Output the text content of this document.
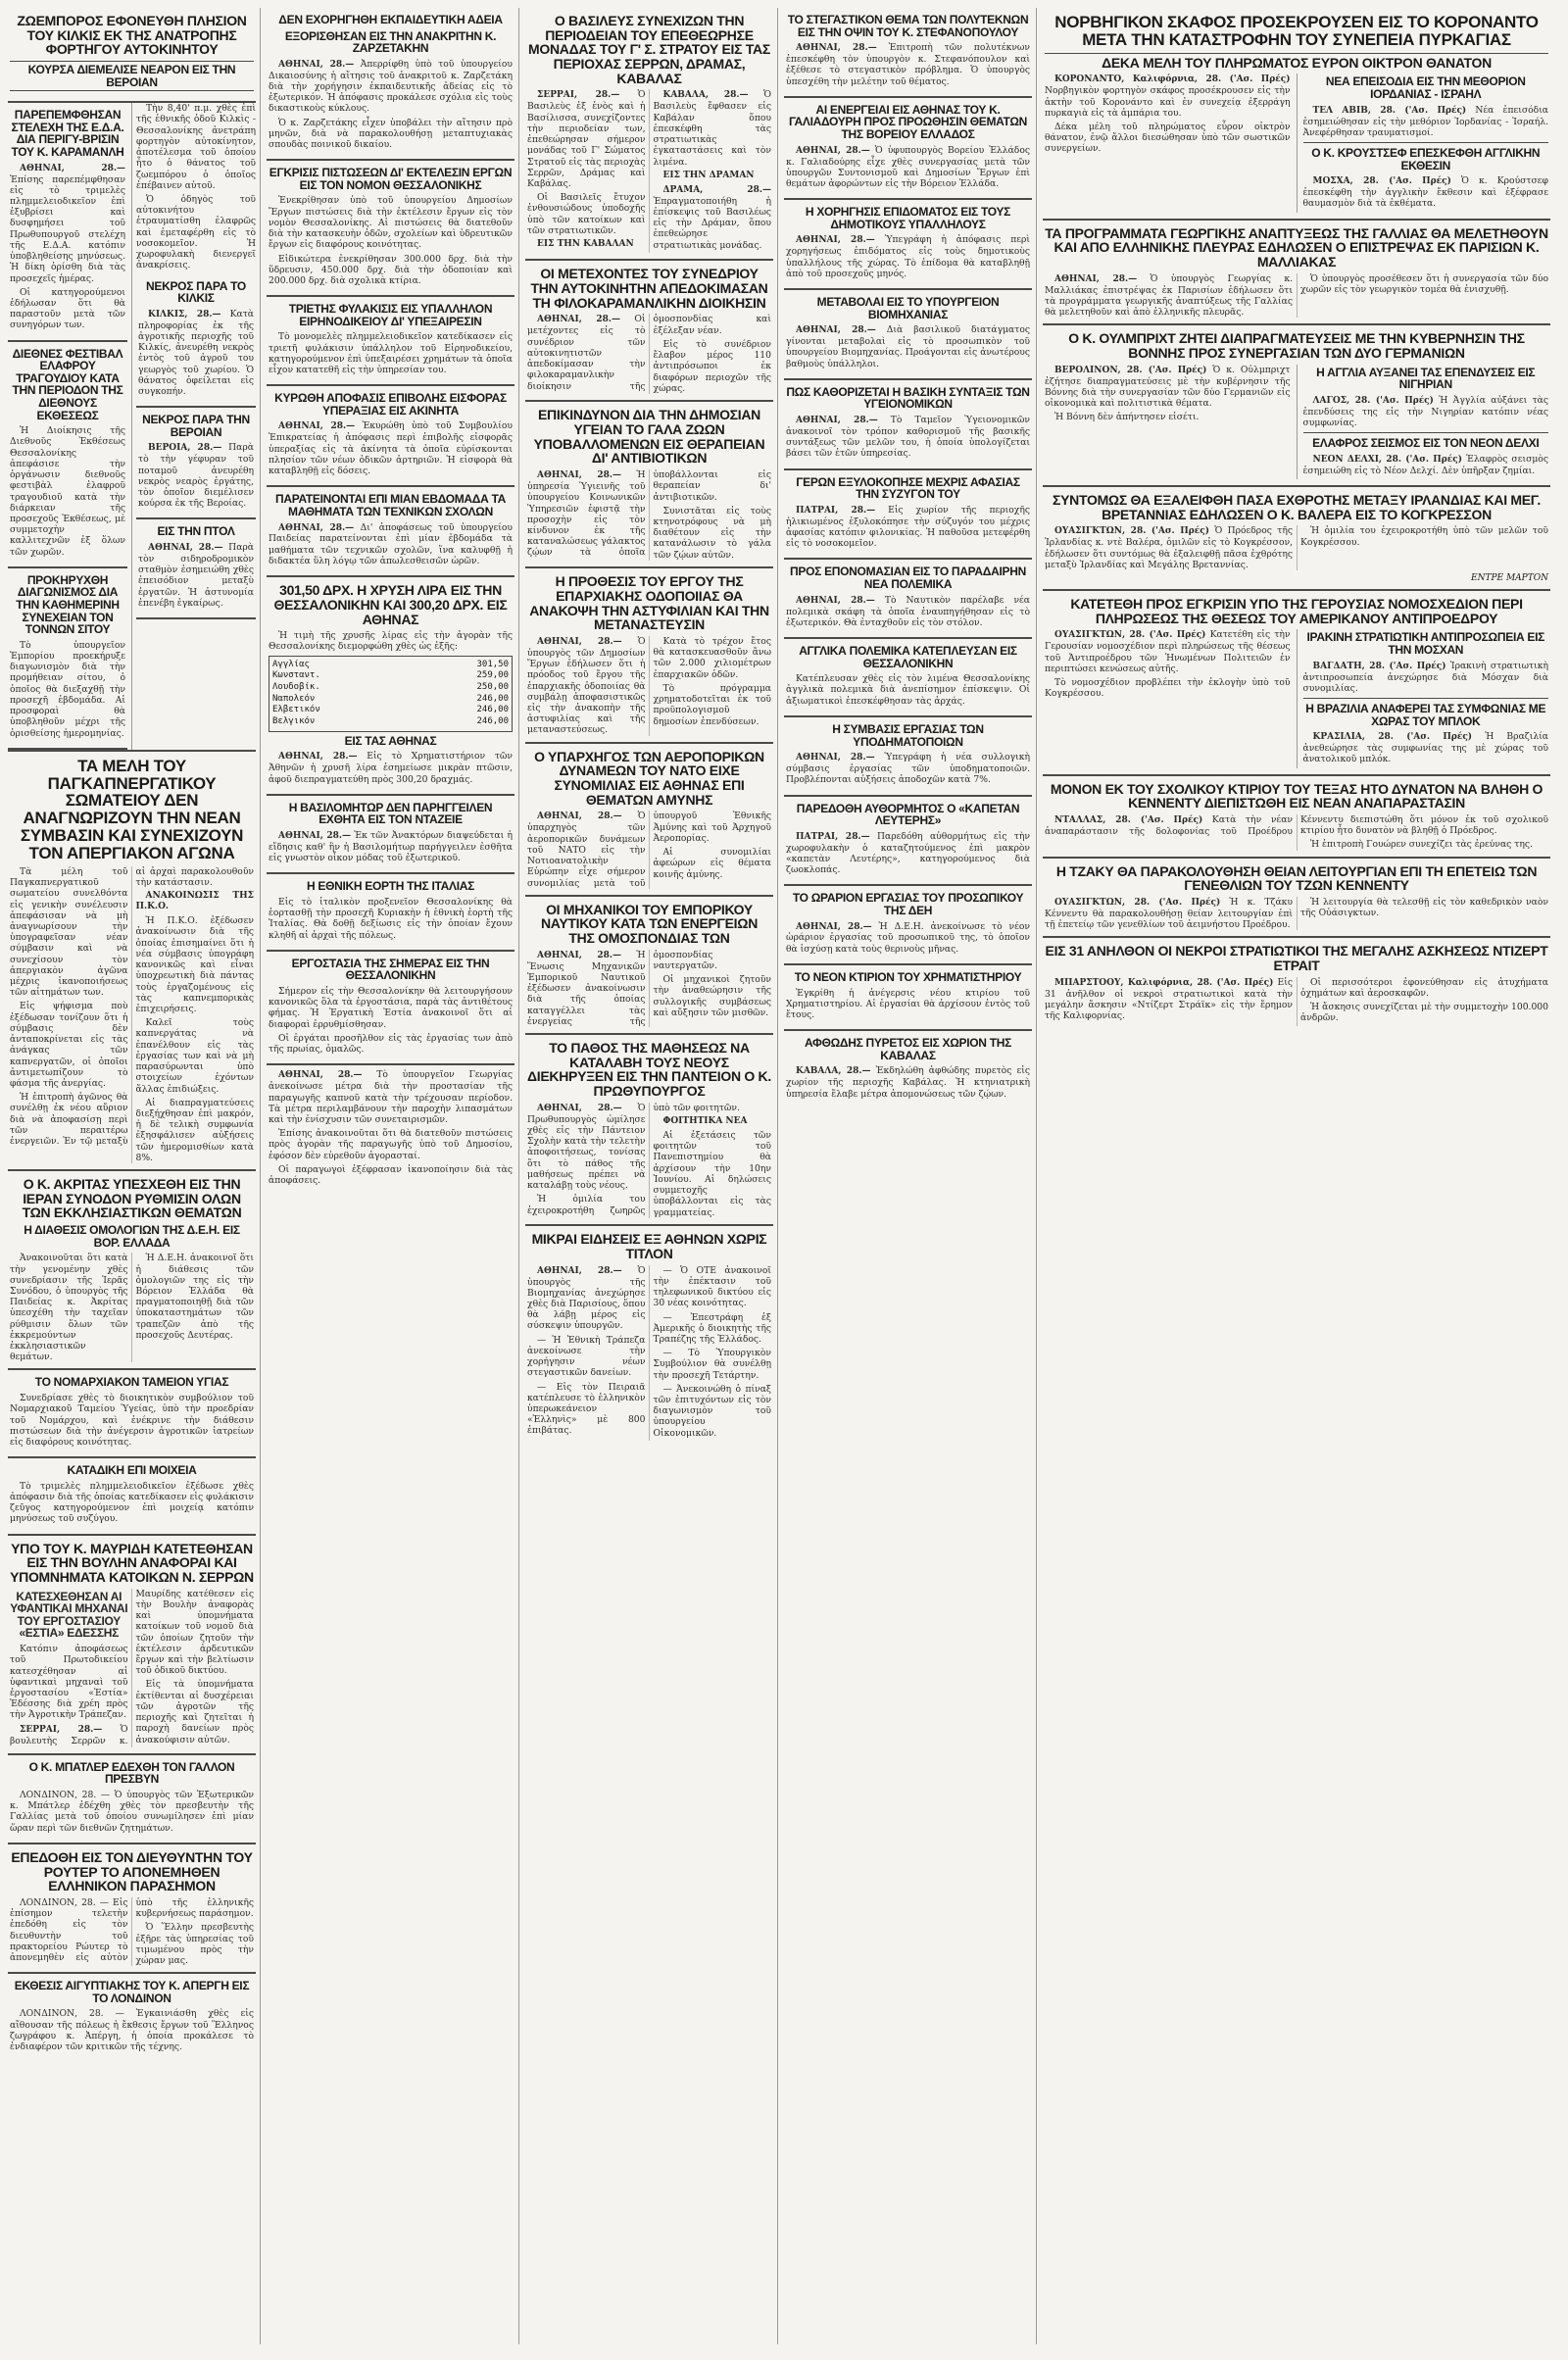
ΖΩΕΜΠΟΡΟΣ ΕΦΟΝΕΥΘΗ ΠΛΗΣΙΟΝ ΤΟΥ ΚΙΛΚΙΣ ΕΚ ΤΗΣ ΑΝΑΤΡΟΠΗΣ ΦΟΡΤΗΓΟΥ ΑΥΤΟΚΙΝΗΤΟΥ
ΚΟΥΡΣΑ ΔΙΕΜΕΛΙΣΕ ΝΕΑΡΟΝ ΕΙΣ ΤΗΝ ΒΕΡΟΙΑΝ
ΠΑΡΕΠΕΜΦΘΗΣΑΝ ΣΤΕΛΕΧΗ ΤΗΣ Ε.Δ.Α. ΔΙΑ ΠΕΡΙΓΥ-ΒΡΙΣΙΝ ΤΟΥ Κ. ΚΑΡΑΜΑΝΛΗ

ΑΘΗΝΑΙ, 28.— Ἐπίσης παρεπέμφθησαν εἰς τὸ τριμελὲς πλημμελειοδικεῖον ἐπὶ ἐξυβρίσει καὶ δυσφημήσει τοῦ Πρωθυπουργοῦ στελέχη τῆς Ε.Δ.Α. κατόπιν ὑποβληθείσης μηνύσεως. Ἡ δίκη ὁρίσθη διὰ τὰς προσεχεῖς ἡμέρας.

Οἱ κατηγορούμενοι ἐδήλωσαν ὅτι θὰ παραστοῦν μετὰ τῶν συνηγόρων των.

ΔΙΕΘΝΕΣ ΦΕΣΤΙΒΑΛ ΕΛΑΦΡΟΥ ΤΡΑΓΟΥΔΙΟΥ ΚΑΤΑ ΤΗΝ ΠΕΡΙΟΔΟΝ ΤΗΣ ΔΙΕΘΝΟΥΣ ΕΚΘΕΣΕΩΣ

Ἡ Διοίκησις τῆς Διεθνοῦς Ἐκθέσεως Θεσσαλονίκης ἀπεφάσισε τὴν ὀργάνωσιν διεθνοῦς φεστιβὰλ ἐλαφροῦ τραγουδιοῦ κατὰ τὴν διάρκειαν τῆς προσεχοῦς Ἐκθέσεως, μὲ συμμετοχὴν καλλιτεχνῶν ἐξ ὅλων τῶν χωρῶν.

ΠΡΟΚΗΡΥΧΘΗ ΔΙΑΓΩΝΙΣΜΟΣ ΔΙΑ ΤΗΝ ΚΑΘΗΜΕΡΙΝΗ ΣΥΝΕΧΕΙΑΝ ΤΟΝ ΤΟΝΝΩΝ ΣΙΤΟΥ

Τὸ ὑπουργεῖον Ἐμπορίου προεκήρυξε διαγωνισμὸν διὰ τὴν προμήθειαν σίτου, ὁ ὁποῖος θὰ διεξαχθῇ τὴν προσεχῆ ἑβδομάδα. Αἱ προσφοραὶ θὰ ὑποβληθοῦν μέχρι τῆς ὁρισθείσης ἡμερομηνίας.

Τὴν 8,40' π.μ. χθὲς ἐπὶ τῆς ἐθνικῆς ὁδοῦ Κιλκὶς - Θεσσαλονίκης ἀνετράπη φορτηγὸν αὐτοκίνητον, ἀποτέλεσμα τοῦ ὁποίου ἦτο ὁ θάνατος τοῦ ζωεμπόρου ὁ ὁποῖος ἐπέβαινεν αὐτοῦ.

Ὁ ὁδηγὸς τοῦ αὐτοκινήτου ἐτραυματίσθη ἐλαφρῶς καὶ ἐμεταφέρθη εἰς τὸ νοσοκομεῖον. Ἡ χωροφυλακὴ διενεργεῖ ἀνακρίσεις.

ΝΕΚΡΟΣ ΠΑΡΑ ΤΟ ΚΙΛΚΙΣ

ΚΙΛΚΙΣ, 28.— Κατὰ πληροφορίας ἐκ τῆς ἀγροτικῆς περιοχῆς τοῦ Κιλκίς, ἀνευρέθη νεκρὸς ἐντὸς τοῦ ἀγροῦ του γεωργὸς τοῦ χωρίου. Ὁ θάνατος ὀφείλεται εἰς συγκοπήν.

ΝΕΚΡΟΣ ΠΑΡΑ ΤΗΝ ΒΕΡΟΙΑΝ

ΒΕΡΟΙΑ, 28.— Παρὰ τὸ τὴν γέφυραν τοῦ ποταμοῦ ἀνευρέθη νεκρὸς νεαρὸς ἐργάτης, τὸν ὁποῖον διεμέλισεν κούρσα ἐκ τῆς Βεροίας.

ΕΙΣ ΤΗΝ ΠΤΟΛ

ΑΘΗΝΑΙ, 28.— Παρὰ τὸν σιδηροδρομικὸν σταθμὸν ἐσημειώθη χθὲς ἐπεισόδιον μεταξὺ ἐργατῶν. Ἡ ἀστυνομία ἐπενέβη ἐγκαίρως.

ΤΑ ΜΕΛΗ ΤΟΥ ΠΑΓΚΑΠΝΕΡΓΑΤΙΚΟΥ ΣΩΜΑΤΕΙΟΥ ΔΕΝ ΑΝΑΓΝΩΡΙΖΟΥΝ ΤΗΝ ΝΕΑΝ ΣΥΜΒΑΣΙΝ ΚΑΙ ΣΥΝΕΧΙΖΟΥΝ ΤΟΝ ΑΠΕΡΓΙΑΚΟΝ ΑΓΩΝΑ

Τὰ μέλη τοῦ Παγκαπνεργατικοῦ σωματείου συνελθόντα εἰς γενικὴν συνέλευσιν ἀπεφάσισαν νὰ μὴ ἀναγνωρίσουν τὴν ὑπογραφεῖσαν νέαν σύμβασιν καὶ νὰ συνεχίσουν τὸν ἀπεργιακὸν ἀγῶνα μέχρις ἱκανοποιήσεως τῶν αἰτημάτων των.

Εἰς ψήφισμα ποὺ ἐξέδωσαν τονίζουν ὅτι ἡ σύμβασις δὲν ἀνταποκρίνεται εἰς τὰς ἀνάγκας τῶν καπνεργατῶν, οἱ ὁποῖοι ἀντιμετωπίζουν τὸ φάσμα τῆς ἀνεργίας.

Ἡ ἐπιτροπὴ ἀγῶνος θὰ συνέλθῃ ἐκ νέου αὔριον διὰ νὰ ἀποφασίσῃ περὶ τῶν περαιτέρω ἐνεργειῶν. Ἐν τῷ μεταξὺ αἱ ἀρχαὶ παρακολουθοῦν τὴν κατάστασιν.

ΑΝΑΚΟΙΝΩΣΙΣ ΤΗΣ Π.Κ.Ο.

Ἡ Π.Κ.Ο. ἐξέδωσεν ἀνακοίνωσιν διὰ τῆς ὁποίας ἐπισημαίνει ὅτι ἡ νέα σύμβασις ὑπογράφη κανονικῶς καὶ εἶναι ὑποχρεωτικὴ διὰ πάντας τοὺς ἐργαζομένους εἰς τὰς καπνεμπορικὰς ἐπιχειρήσεις.

Καλεῖ τοὺς καπνεργάτας νὰ ἐπανέλθουν εἰς τὰς ἐργασίας των καὶ νὰ μὴ παρασύρωνται ὑπὸ στοιχείων ἐχόντων ἄλλας ἐπιδιώξεις.

Αἱ διαπραγματεύσεις διεξήχθησαν ἐπὶ μακρόν, ἡ δὲ τελικὴ συμφωνία ἐξησφάλισεν αὐξήσεις τῶν ἡμερομισθίων κατὰ 8%.

Ο Κ. ΑΚΡΙΤΑΣ ΥΠΕΣΧΕΘΗ ΕΙΣ ΤΗΝ ΙΕΡΑΝ ΣΥΝΟΔΟΝ ΡΥΘΜΙΣΙΝ ΟΛΩΝ ΤΩΝ ΕΚΚΛΗΣΙΑΣΤΙΚΩΝ ΘΕΜΑΤΩΝ
Η ΔΙΑΘΕΣΙΣ ΟΜΟΛΟΓΙΩΝ ΤΗΣ Δ.Ε.Η. ΕΙΣ ΒΟΡ. ΕΛΛΑΔΑ

Ἀνακοινοῦται ὅτι κατὰ τὴν γενομένην χθὲς συνεδρίασιν τῆς Ἱερᾶς Συνόδου, ὁ ὑπουργὸς τῆς Παιδείας κ. Ἀκρίτας ὑπεσχέθη τὴν ταχεῖαν ρύθμισιν ὅλων τῶν ἐκκρεμούντων ἐκκλησιαστικῶν θεμάτων.

Ἡ Δ.Ε.Η. ἀνακοινοῖ ὅτι ἡ διάθεσις τῶν ὁμολογιῶν της εἰς τὴν Βόρειον Ἑλλάδα θὰ πραγματοποιηθῇ διὰ τῶν ὑποκαταστημάτων τῶν τραπεζῶν ἀπὸ τῆς προσεχοῦς Δευτέρας.

ΤΟ ΝΟΜΑΡΧΙΑΚΟΝ ΤΑΜΕΙΟΝ ΥΓΙΑΣ

Συνεδρίασε χθὲς τὸ διοικητικὸν συμβούλιον τοῦ Νομαρχιακοῦ Ταμείου Ὑγείας, ὑπὸ τὴν προεδρίαν τοῦ Νομάρχου, καὶ ἐνέκρινε τὴν διάθεσιν πιστώσεων διὰ τὴν ἀνέγερσιν ἀγροτικῶν ἰατρείων εἰς διαφόρους κοινότητας.

ΚΑΤΑΔΙΚΗ ΕΠΙ ΜΟΙΧΕΙΑ

Τὸ τριμελὲς πλημμελειοδικεῖον ἐξέδωσε χθὲς ἀπόφασιν διὰ τῆς ὁποίας κατεδίκασεν εἰς φυλάκισιν ζεῦγος κατηγορούμενον ἐπὶ μοιχείᾳ κατόπιν μηνύσεως τοῦ συζύγου.

ΥΠΟ ΤΟΥ Κ. ΜΑΥΡΙΔΗ ΚΑΤΕΤΕΘΗΣΑΝ ΕΙΣ ΤΗΝ ΒΟΥΛΗΝ ΑΝΑΦΟΡΑΙ ΚΑΙ ΥΠΟΜΝΗΜΑΤΑ ΚΑΤΟΙΚΩΝ Ν. ΣΕΡΡΩΝ
ΚΑΤΕΣΧΕΘΗΣΑΝ ΑΙ ΥΦΑΝΤΙΚΑΙ ΜΗΧΑΝΑΙ ΤΟΥ ΕΡΓΟΣΤΑΣΙΟΥ «ΕΣΤΙΑ» ΕΔΕΣΣΗΣ

Κατόπιν ἀποφάσεως τοῦ Πρωτοδικείου κατεσχέθησαν αἱ ὑφαντικαὶ μηχαναὶ τοῦ ἐργοστασίου «Ἑστία» Ἐδέσσης διὰ χρέη πρὸς τὴν Ἀγροτικὴν Τράπεζαν.

ΣΕΡΡΑΙ, 28.— Ὁ βουλευτὴς Σερρῶν κ. Μαυρίδης κατέθεσεν εἰς τὴν Βουλὴν ἀναφορὰς καὶ ὑπομνήματα κατοίκων τοῦ νομοῦ διὰ τῶν ὁποίων ζητοῦν τὴν ἐκτέλεσιν ἀρδευτικῶν ἔργων καὶ τὴν βελτίωσιν τοῦ ὁδικοῦ δικτύου.

Εἰς τὰ ὑπομνήματα ἐκτίθενται αἱ δυσχέρειαι τῶν ἀγροτῶν τῆς περιοχῆς καὶ ζητεῖται ἡ παροχὴ δανείων πρὸς ἀνακούφισιν αὐτῶν.

Ο Κ. ΜΠΑΤΛΕΡ ΕΔΕΧΘΗ ΤΟΝ ΓΑΛΛΟΝ ΠΡΕΣΒΥΝ

ΛΟΝΔΙΝΟΝ, 28. — Ὁ ὑπουργὸς τῶν Ἐξωτερικῶν κ. Μπάτλερ ἐδέχθη χθὲς τὸν πρεσβευτὴν τῆς Γαλλίας μετὰ τοῦ ὁποίου συνωμίλησεν ἐπὶ μίαν ὥραν περὶ τῶν διεθνῶν ζητημάτων.

ΕΠΕΔΟΘΗ ΕΙΣ ΤΟΝ ΔΙΕΥΘΥΝΤΗΝ ΤΟΥ ΡΟΥΤΕΡ ΤΟ ΑΠΟΝΕΜΗΘΕΝ ΕΛΛΗΝΙΚΟΝ ΠΑΡΑΣΗΜΟΝ

ΛΟΝΔΙΝΟΝ, 28. — Εἰς ἐπίσημον τελετὴν ἐπεδόθη εἰς τὸν διευθυντὴν τοῦ πρακτορείου Ρώυτερ τὸ ἀπονεμηθὲν εἰς αὐτὸν ὑπὸ τῆς ἑλληνικῆς κυβερνήσεως παράσημον.

Ὁ Ἕλλην πρεσβευτὴς ἐξῆρε τὰς ὑπηρεσίας τοῦ τιμωμένου πρὸς τὴν χώραν μας.

ΕΚΘΕΣΙΣ ΑΙΓΥΠΤΙΑΚΗΣ ΤΟΥ Κ. ΑΠΕΡΓΗ ΕΙΣ ΤΟ ΛΟΝΔΙΝΟΝ

ΛΟΝΔΙΝΟΝ, 28. — Ἐγκαινιάσθη χθὲς εἰς αἴθουσαν τῆς πόλεως ἡ ἔκθεσις ἔργων τοῦ Ἕλληνος ζωγράφου κ. Ἀπέργη, ἡ ὁποία προκάλεσε τὸ ἐνδιαφέρον τῶν κριτικῶν τῆς τέχνης.

ΔΕΝ ΕΧΟΡΗΓΗΘΗ ΕΚΠΑΙΔΕΥΤΙΚΗ ΑΔΕΙΑ
ΕΞΟΡΙΣΘΗΣΑΝ ΕΙΣ ΤΗΝ ΑΝΑΚΡΙΤΗΝ Κ. ΖΑΡΖΕΤΑΚΗΝ

ΑΘΗΝΑΙ, 28.— Ἀπερρίφθη ὑπὸ τοῦ ὑπουργείου Δικαιοσύνης ἡ αἴτησις τοῦ ἀνακριτοῦ κ. Ζαρζετάκη διὰ τὴν χορήγησιν ἐκπαιδευτικῆς ἀδείας εἰς τὸ ἐξωτερικόν. Ἡ ἀπόφασις προκάλεσε σχόλια εἰς τοὺς δικαστικοὺς κύκλους.

Ὁ κ. Ζαρζετάκης εἶχεν ὑποβάλει τὴν αἴτησιν πρὸ μηνῶν, διὰ νὰ παρακολουθήσῃ μεταπτυχιακὰς σπουδὰς ποινικοῦ δικαίου.

ΕΓΚΡΙΣΙΣ ΠΙΣΤΩΣΕΩΝ ΔΙ' ΕΚΤΕΛΕΣΙΝ ΕΡΓΩΝ ΕΙΣ ΤΟΝ ΝΟΜΟΝ ΘΕΣΣΑΛΟΝΙΚΗΣ

Ἐνεκρίθησαν ὑπὸ τοῦ ὑπουργείου Δημοσίων Ἔργων πιστώσεις διὰ τὴν ἐκτέλεσιν ἔργων εἰς τὸν νομὸν Θεσσαλονίκης. Αἱ πιστώσεις θὰ διατεθοῦν διὰ τὴν κατασκευὴν ὁδῶν, σχολείων καὶ ὑδρευτικῶν ἔργων εἰς διαφόρους κοινότητας.

Εἰδικώτερα ἐνεκρίθησαν 300.000 δρχ. διὰ τὴν ὕδρευσιν, 450.000 δρχ. διὰ τὴν ὁδοποιίαν καὶ 200.000 δρχ. διὰ σχολικὰ κτίρια.

ΤΡΙΕΤΗΣ ΦΥΛΑΚΙΣΙΣ ΕΙΣ ΥΠΑΛΛΗΛΟΝ ΕΙΡΗΝΟΔΙΚΕΙΟΥ ΔΙ' ΥΠΕΞΑΙΡΕΣΙΝ

Τὸ μονομελὲς πλημμελειοδικεῖον κατεδίκασεν εἰς τριετῆ φυλάκισιν ὑπάλληλον τοῦ Εἰρηνοδικείου, κατηγορούμενον ἐπὶ ὑπεξαιρέσει χρημάτων τὰ ὁποῖα εἶχον κατατεθῆ εἰς τὴν ὑπηρεσίαν του.

ΚΥΡΩΘΗ ΑΠΟΦΑΣΙΣ ΕΠΙΒΟΛΗΣ ΕΙΣΦΟΡΑΣ ΥΠΕΡΑΞΙΑΣ ΕΙΣ ΑΚΙΝΗΤΑ

ΑΘΗΝΑΙ, 28.— Ἐκυρώθη ὑπὸ τοῦ Συμβουλίου Ἐπικρατείας ἡ ἀπόφασις περὶ ἐπιβολῆς εἰσφορᾶς ὑπεραξίας εἰς τὰ ἀκίνητα τὰ ὁποῖα εὑρίσκονται πλησίον τῶν νέων ὁδικῶν ἀρτηριῶν. Ἡ εἰσφορὰ θὰ καταβληθῇ εἰς δόσεις.

ΠΑΡΑΤΕΙΝΟΝΤΑΙ ΕΠΙ ΜΙΑΝ ΕΒΔΟΜΑΔΑ ΤΑ ΜΑΘΗΜΑΤΑ ΤΩΝ ΤΕΧΝΙΚΩΝ ΣΧΟΛΩΝ

ΑΘΗΝΑΙ, 28.— Δι' ἀποφάσεως τοῦ ὑπουργείου Παιδείας παρατείνονται ἐπὶ μίαν ἑβδομάδα τὰ μαθήματα τῶν τεχνικῶν σχολῶν, ἵνα καλυφθῇ ἡ διδακτέα ὕλη λόγῳ τῶν ἀπωλεσθεισῶν ὡρῶν.

301,50 ΔΡΧ. Η ΧΡΥΣΗ ΛΙΡΑ ΕΙΣ ΤΗΝ ΘΕΣΣΑΛΟΝΙΚΗΝ ΚΑΙ 300,20 ΔΡΧ. ΕΙΣ ΑΘΗΝΑΣ

Ἡ τιμὴ τῆς χρυσῆς λίρας εἰς τὴν ἀγορὰν τῆς Θεσσαλονίκης διεμορφώθη χθὲς ὡς ἑξῆς:

Αγγλίας	301,50
Κωνσταντ.	259,00
Λουδοβίκ.	250,00
Ναπολεόν	246,00
Ελβετικόν	246,00
Βελγικόν	246,00
ΕΙΣ ΤΑΣ ΑΘΗΝΑΣ

ΑΘΗΝΑΙ, 28.— Εἰς τὸ Χρηματιστήριον τῶν Ἀθηνῶν ἡ χρυσῆ λίρα ἐσημείωσε μικρὰν πτῶσιν, ἀφοῦ διεπραγματεύθη πρὸς 300,20 δραχμάς.

Η ΒΑΣΙΛΟΜΗΤΩΡ ΔΕΝ ΠΑΡΗΓΓΕΙΛΕΝ ΕΧΘΗΤΑ ΕΙΣ ΤΟΝ ΝΤΑΖΕΙΕ

ΑΘΗΝΑΙ, 28.— Ἐκ τῶν Ἀνακτόρων διαψεύδεται ἡ εἴδησις καθ' ἣν ἡ Βασιλομήτωρ παρήγγειλεν ἐσθῆτα εἰς γνωστὸν οἶκον μόδας τοῦ ἐξωτερικοῦ.

Η ΕΘΝΙΚΗ ΕΟΡΤΗ ΤΗΣ ΙΤΑΛΙΑΣ

Εἰς τὸ ἰταλικὸν προξενεῖον Θεσσαλονίκης θὰ ἑορτασθῇ τὴν προσεχῆ Κυριακὴν ἡ ἐθνικὴ ἑορτὴ τῆς Ἰταλίας. Θὰ δοθῇ δεξίωσις εἰς τὴν ὁποίαν ἔχουν κληθῆ αἱ ἀρχαὶ τῆς πόλεως.

ΕΡΓΟΣΤΑΣΙΑ ΤΗΣ ΣΗΜΕΡΑΣ ΕΙΣ ΤΗΝ ΘΕΣΣΑΛΟΝΙΚΗΝ

Σήμερον εἰς τὴν Θεσσαλονίκην θὰ λειτουργήσουν κανονικῶς ὅλα τὰ ἐργοστάσια, παρὰ τὰς ἀντιθέτους φήμας. Ἡ Ἐργατικὴ Ἐστία ἀνακοινοῖ ὅτι αἱ διαφοραὶ ἐρρυθμίσθησαν.

Οἱ ἐργάται προσῆλθον εἰς τὰς ἐργασίας των ἀπὸ τῆς πρωίας, ὁμαλῶς.

ΑΘΗΝΑΙ, 28.— Τὸ ὑπουργεῖον Γεωργίας ἀνεκοίνωσε μέτρα διὰ τὴν προστασίαν τῆς παραγωγῆς καπνοῦ κατὰ τὴν τρέχουσαν περίοδον. Τὰ μέτρα περιλαμβάνουν τὴν παροχὴν λιπασμάτων καὶ τὴν ἐνίσχυσιν τῶν συνεταιρισμῶν.

Ἐπίσης ἀνακοινοῦται ὅτι θὰ διατεθοῦν πιστώσεις πρὸς ἀγορὰν τῆς παραγωγῆς ὑπὸ τοῦ Δημοσίου, ἐφόσον δὲν εὑρεθοῦν ἀγορασταί.

Οἱ παραγωγοὶ ἐξέφρασαν ἱκανοποίησιν διὰ τὰς ἀποφάσεις.

Ο ΒΑΣΙΛΕΥΣ ΣΥΝΕΧΙΖΩΝ ΤΗΝ ΠΕΡΙΟΔΕΙΑΝ ΤΟΥ ΕΠΕΘΕΩΡΗΣΕ ΜΟΝΑΔΑΣ ΤΟΥ Γ' Σ. ΣΤΡΑΤΟΥ ΕΙΣ ΤΑΣ ΠΕΡΙΟΧΑΣ ΣΕΡΡΩΝ, ΔΡΑΜΑΣ, ΚΑΒΑΛΑΣ

ΣΕΡΡΑΙ, 28.— Ὁ Βασιλεὺς ἐξ ἑνὸς καὶ ἡ Βασίλισσα, συνεχίζοντες τὴν περιοδείαν των, ἐπεθεώρησαν σήμερον μονάδας τοῦ Γ' Σώματος Στρατοῦ εἰς τὰς περιοχὰς Σερρῶν, Δράμας καὶ Καβάλας.

Οἱ Βασιλεῖς ἔτυχον ἐνθουσιώδους ὑποδοχῆς ὑπὸ τῶν κατοίκων καὶ τῶν στρατιωτικῶν.

ΕΙΣ ΤΗΝ ΚΑΒΑΛΑΝ

ΚΑΒΑΛΑ, 28.— Ὁ Βασιλεὺς ἔφθασεν εἰς Καβάλαν ὅπου ἐπεσκέφθη τὰς στρατιωτικὰς ἐγκαταστάσεις καὶ τὸν λιμένα.

ΕΙΣ ΤΗΝ ΔΡΑΜΑΝ

ΔΡΑΜΑ, 28.— Ἐπραγματοποιήθη ἡ ἐπίσκεψις τοῦ Βασιλέως εἰς τὴν Δράμαν, ὅπου ἐπεθεώρησε στρατιωτικὰς μονάδας.

ΟΙ ΜΕΤΕΧΟΝΤΕΣ ΤΟΥ ΣΥΝΕΔΡΙΟΥ ΤΗΝ ΑΥΤΟΚΙΝΗΤΗΝ ΑΠΕΔΟΚΙΜΑΣΑΝ ΤΗ ΦΙΛΟΚΑΡΑΜΑΝΛΙΚΗΝ ΔΙΟΙΚΗΣΙΝ

ΑΘΗΝΑΙ, 28.— Οἱ μετέχοντες εἰς τὸ συνέδριον τῶν αὐτοκινητιστῶν ἀπεδοκίμασαν τὴν φιλοκαραμανλικὴν διοίκησιν τῆς ὁμοσπονδίας καὶ ἐξέλεξαν νέαν.

Εἰς τὸ συνέδριον ἔλαβον μέρος 110 ἀντιπρόσωποι ἐκ διαφόρων περιοχῶν τῆς χώρας.

ΕΠΙΚΙΝΔΥΝΟΝ ΔΙΑ ΤΗΝ ΔΗΜΟΣΙΑΝ ΥΓΕΙΑΝ ΤΟ ΓΑΛΑ ΖΩΩΝ ΥΠΟΒΑΛΛΟΜΕΝΩΝ ΕΙΣ ΘΕΡΑΠΕΙΑΝ ΔΙ' ΑΝΤΙΒΙΟΤΙΚΩΝ

ΑΘΗΝΑΙ, 28.— Ἡ ὑπηρεσία Ὑγιεινῆς τοῦ ὑπουργείου Κοινωνικῶν Ὑπηρεσιῶν ἐφιστᾷ τὴν προσοχὴν εἰς τὸν κίνδυνον ἐκ τῆς καταναλώσεως γάλακτος ζῴων τὰ ὁποῖα ὑποβάλλονται εἰς θεραπείαν δι' ἀντιβιοτικῶν.

Συνιστᾶται εἰς τοὺς κτηνοτρόφους νὰ μὴ διαθέτουν εἰς τὴν κατανάλωσιν τὸ γάλα τῶν ζῴων αὐτῶν.

Η ΠΡΟΘΕΣΙΣ ΤΟΥ ΕΡΓΟΥ ΤΗΣ ΕΠΑΡΧΙΑΚΗΣ ΟΔΟΠΟΙΙΑΣ ΘΑ ΑΝΑΚΟΨΗ ΤΗΝ ΑΣΤΥΦΙΛΙΑΝ ΚΑΙ ΤΗΝ ΜΕΤΑΝΑΣΤΕΥΣΙΝ

ΑΘΗΝΑΙ, 28.— Ὁ ὑπουργὸς τῶν Δημοσίων Ἔργων ἐδήλωσεν ὅτι ἡ πρόοδος τοῦ ἔργου τῆς ἐπαρχιακῆς ὁδοποιίας θὰ συμβάλῃ ἀποφασιστικῶς εἰς τὴν ἀνακοπὴν τῆς ἀστυφιλίας καὶ τῆς μεταναστεύσεως.

Κατὰ τὸ τρέχον ἔτος θὰ κατασκευασθοῦν ἄνω τῶν 2.000 χιλιομέτρων ἐπαρχιακῶν ὁδῶν.

Τὸ πρόγραμμα χρηματοδοτεῖται ἐκ τοῦ προϋπολογισμοῦ δημοσίων ἐπενδύσεων.

Ο ΥΠΑΡΧΗΓΟΣ ΤΩΝ ΑΕΡΟΠΟΡΙΚΩΝ ΔΥΝΑΜΕΩΝ ΤΟΥ ΝΑΤΟ ΕΙΧΕ ΣΥΝΟΜΙΛΙΑΣ ΕΙΣ ΑΘΗΝΑΣ ΕΠΙ ΘΕΜΑΤΩΝ ΑΜΥΝΗΣ

ΑΘΗΝΑΙ, 28.— Ὁ ὑπαρχηγὸς τῶν ἀεροπορικῶν δυνάμεων τοῦ ΝΑΤΟ εἰς τὴν Νοτιοανατολικὴν Εὐρώπην εἶχε σήμερον συνομιλίας μετὰ τοῦ ὑπουργοῦ Ἐθνικῆς Ἀμύνης καὶ τοῦ Ἀρχηγοῦ Ἀεροπορίας.

Αἱ συνομιλίαι ἀφεώρων εἰς θέματα κοινῆς ἀμύνης.

ΟΙ ΜΗΧΑΝΙΚΟΙ ΤΟΥ ΕΜΠΟΡΙΚΟΥ ΝΑΥΤΙΚΟΥ ΚΑΤΑ ΤΩΝ ΕΝΕΡΓΕΙΩΝ ΤΗΣ ΟΜΟΣΠΟΝΔΙΑΣ ΤΩΝ

ΑΘΗΝΑΙ, 28.— Ἡ Ἕνωσις Μηχανικῶν Ἐμπορικοῦ Ναυτικοῦ ἐξέδωσεν ἀνακοίνωσιν διὰ τῆς ὁποίας καταγγέλλει τὰς ἐνεργείας τῆς ὁμοσπονδίας ναυτεργατῶν.

Οἱ μηχανικοὶ ζητοῦν τὴν ἀναθεώρησιν τῆς συλλογικῆς συμβάσεως καὶ αὔξησιν τῶν μισθῶν.

ΤΟ ΠΑΘΟΣ ΤΗΣ ΜΑΘΗΣΕΩΣ ΝΑ ΚΑΤΑΛΑΒΗ ΤΟΥΣ ΝΕΟΥΣ ΔΙΕΚΗΡΥΞΕΝ ΕΙΣ ΤΗΝ ΠΑΝΤΕΙΟΝ Ο Κ. ΠΡΩΘΥΠΟΥΡΓΟΣ

ΑΘΗΝΑΙ, 28.— Ὁ Πρωθυπουργὸς ὡμίλησε χθὲς εἰς τὴν Πάντειον Σχολὴν κατὰ τὴν τελετὴν ἀποφοιτήσεως, τονίσας ὅτι τὸ πάθος τῆς μαθήσεως πρέπει νὰ καταλάβῃ τοὺς νέους.

Ἡ ὁμιλία του ἐχειροκροτήθη ζωηρῶς ὑπὸ τῶν φοιτητῶν.

ΦΟΙΤΗΤΙΚΑ ΝΕΑ

Αἱ ἐξετάσεις τῶν φοιτητῶν τοῦ Πανεπιστημίου θὰ ἀρχίσουν τὴν 10ην Ἰουνίου. Αἱ δηλώσεις συμμετοχῆς ὑποβάλλονται εἰς τὰς γραμματείας.

ΜΙΚΡΑΙ ΕΙΔΗΣΕΙΣ ΕΞ ΑΘΗΝΩΝ ΧΩΡΙΣ ΤΙΤΛΟΝ

ΑΘΗΝΑΙ, 28.— Ὁ ὑπουργὸς τῆς Βιομηχανίας ἀνεχώρησε χθὲς διὰ Παρισίους, ὅπου θὰ λάβῃ μέρος εἰς σύσκεψιν ὑπουργῶν.

— Ἡ Ἐθνικὴ Τράπεζα ἀνεκοίνωσε τὴν χορήγησιν νέων στεγαστικῶν δανείων.

— Εἰς τὸν Πειραιᾶ κατέπλευσε τὸ ἑλληνικὸν ὑπερωκεάνειον «Ἑλληνὶς» μὲ 800 ἐπιβάτας.

— Ὁ ΟΤΕ ἀνακοινοῖ τὴν ἐπέκτασιν τοῦ τηλεφωνικοῦ δικτύου εἰς 30 νέας κοινότητας.

— Ἐπεστράφη ἐξ Ἀμερικῆς ὁ διοικητὴς τῆς Τραπέζης τῆς Ἑλλάδος.

— Τὸ Ὑπουργικὸν Συμβούλιον θὰ συνέλθῃ τὴν προσεχῆ Τετάρτην.

— Ἀνεκοινώθη ὁ πίναξ τῶν ἐπιτυχόντων εἰς τὸν διαγωνισμὸν τοῦ ὑπουργείου Οἰκονομικῶν.

ΤΟ ΣΤΕΓΑΣΤΙΚΟΝ ΘΕΜΑ ΤΩΝ ΠΟΛΥΤΕΚΝΩΝ ΕΙΣ ΤΗΝ ΟΨΙΝ ΤΟΥ Κ. ΣΤΕΦΑΝΟΠΟΥΛΟΥ

ΑΘΗΝΑΙ, 28.— Ἐπιτροπὴ τῶν πολυτέκνων ἐπεσκέφθη τὸν ὑπουργὸν κ. Στεφανόπουλον καὶ ἐξέθεσε τὸ στεγαστικὸν πρόβλημα. Ὁ ὑπουργὸς ὑπεσχέθη τὴν μελέτην τοῦ θέματος.

ΑΙ ΕΝΕΡΓΕΙΑΙ ΕΙΣ ΑΘΗΝΑΣ ΤΟΥ Κ. ΓΑΛΙΑΔΟΥΡΗ ΠΡΟΣ ΠΡΟΩΘΗΣΙΝ ΘΕΜΑΤΩΝ ΤΗΣ ΒΟΡΕΙΟΥ ΕΛΛΑΔΟΣ

ΑΘΗΝΑΙ, 28.— Ὁ ὑφυπουργὸς Βορείου Ἑλλάδος κ. Γαλιαδούρης εἶχε χθὲς συνεργασίας μετὰ τῶν ὑπουργῶν Συντονισμοῦ καὶ Δημοσίων Ἔργων ἐπὶ θεμάτων ἀφορώντων εἰς τὴν Βόρειον Ἑλλάδα.

Η ΧΟΡΗΓΗΣΙΣ ΕΠΙΔΟΜΑΤΟΣ ΕΙΣ ΤΟΥΣ ΔΗΜΟΤΙΚΟΥΣ ΥΠΑΛΛΗΛΟΥΣ

ΑΘΗΝΑΙ, 28.— Ὑπεγράφη ἡ ἀπόφασις περὶ χορηγήσεως ἐπιδόματος εἰς τοὺς δημοτικοὺς ὑπαλλήλους τῆς χώρας. Τὸ ἐπίδομα θὰ καταβληθῇ ἀπὸ τοῦ προσεχοῦς μηνός.

ΜΕΤΑΒΟΛΑΙ ΕΙΣ ΤΟ ΥΠΟΥΡΓΕΙΟΝ ΒΙΟΜΗΧΑΝΙΑΣ

ΑΘΗΝΑΙ, 28.— Διὰ βασιλικοῦ διατάγματος γίνονται μεταβολαὶ εἰς τὸ προσωπικὸν τοῦ ὑπουργείου Βιομηχανίας. Προάγονται εἰς ἀνωτέρους βαθμοὺς ὑπάλληλοι.

ΠΩΣ ΚΑΘΟΡΙΖΕΤΑΙ Η ΒΑΣΙΚΗ ΣΥΝΤΑΞΙΣ ΤΩΝ ΥΓΕΙΟΝΟΜΙΚΩΝ

ΑΘΗΝΑΙ, 28.— Τὸ Ταμεῖον Ὑγειονομικῶν ἀνακοινοῖ τὸν τρόπον καθορισμοῦ τῆς βασικῆς συντάξεως τῶν μελῶν του, ἡ ὁποία ὑπολογίζεται βάσει τῶν ἐτῶν ὑπηρεσίας.

ΓΕΡΩΝ ΕΞΥΛΟΚΟΠΗΣΕ ΜΕΧΡΙΣ ΑΦΑΣΙΑΣ ΤΗΝ ΣΥΖΥΓΟΝ ΤΟΥ

ΠΑΤΡΑΙ, 28.— Εἰς χωρίον τῆς περιοχῆς ἡλικιωμένος ἐξυλοκόπησε τὴν σύζυγόν του μέχρις ἀφασίας κατόπιν φιλονικίας. Ἡ παθοῦσα μετεφέρθη εἰς τὸ νοσοκομεῖον.

ΠΡΟΣ ΕΠΟΝΟΜΑΣΙΑΝ ΕΙΣ ΤΟ ΠΑΡΑΔΑΙΡΗΝ ΝΕΑ ΠΟΛΕΜΙΚΑ

ΑΘΗΝΑΙ, 28.— Τὸ Ναυτικὸν παρέλαβε νέα πολεμικὰ σκάφη τὰ ὁποῖα ἐναυπηγήθησαν εἰς τὸ ἐξωτερικόν. Θὰ ἐνταχθοῦν εἰς τὸν στόλον.

ΑΓΓΛΙΚΑ ΠΟΛΕΜΙΚΑ ΚΑΤΕΠΛΕΥΣΑΝ ΕΙΣ ΘΕΣΣΑΛΟΝΙΚΗΝ

Κατέπλευσαν χθὲς εἰς τὸν λιμένα Θεσσαλονίκης ἀγγλικὰ πολεμικὰ διὰ ἀνεπίσημον ἐπίσκεψιν. Οἱ ἀξιωματικοὶ ἐπεσκέφθησαν τὰς ἀρχάς.

Η ΣΥΜΒΑΣΙΣ ΕΡΓΑΣΙΑΣ ΤΩΝ ΥΠΟΔΗΜΑΤΟΠΟΙΩΝ

ΑΘΗΝΑΙ, 28.— Ὑπεγράφη ἡ νέα συλλογικὴ σύμβασις ἐργασίας τῶν ὑποδηματοποιῶν. Προβλέπονται αὐξήσεις ἀποδοχῶν κατὰ 7%.

ΠΑΡΕΔΟΘΗ ΑΥΘΟΡΜΗΤΟΣ Ο «ΚΑΠΕΤΑΝ ΛΕΥΤΕΡΗΣ»

ΠΑΤΡΑΙ, 28.— Παρεδόθη αὐθορμήτως εἰς τὴν χωροφυλακὴν ὁ καταζητούμενος ἐπὶ μακρὸν «καπετὰν Λευτέρης», κατηγορούμενος διὰ ζωοκλοπάς.

ΤΟ ΩΡΑΡΙΟΝ ΕΡΓΑΣΙΑΣ ΤΟΥ ΠΡΟΣΩΠΙΚΟΥ ΤΗΣ ΔΕΗ

ΑΘΗΝΑΙ, 28.— Ἡ Δ.Ε.Η. ἀνεκοίνωσε τὸ νέον ὡράριον ἐργασίας τοῦ προσωπικοῦ της, τὸ ὁποῖον θὰ ἰσχύσῃ κατὰ τοὺς θερινοὺς μῆνας.

ΤΟ ΝΕΟΝ ΚΤΙΡΙΟΝ ΤΟΥ ΧΡΗΜΑΤΙΣΤΗΡΙΟΥ

Ἐγκρίθη ἡ ἀνέγερσις νέου κτιρίου τοῦ Χρηματιστηρίου. Αἱ ἐργασίαι θὰ ἀρχίσουν ἐντὸς τοῦ ἔτους.

ΑΦΘΩΔΗΣ ΠΥΡΕΤΟΣ ΕΙΣ ΧΩΡΙΟΝ ΤΗΣ ΚΑΒΑΛΑΣ

ΚΑΒΑΛΑ, 28.— Ἐκδηλώθη ἀφθώδης πυρετὸς εἰς χωρίον τῆς περιοχῆς Καβάλας. Ἡ κτηνιατρικὴ ὑπηρεσία ἔλαβε μέτρα ἀπομονώσεως τῶν ζῴων.

ΝΟΡΒΗΓΙΚΟΝ ΣΚΑΦΟΣ ΠΡΟΣΕΚΡΟΥΣΕΝ ΕΙΣ ΤΟ ΚΟΡΟΝΑΝΤΟ ΜΕΤΑ ΤΗΝ ΚΑΤΑΣΤΡΟΦΗΝ ΤΟΥ ΣΥΝΕΠΕΙΑ ΠΥΡΚΑΓΙΑΣ
ΔΕΚΑ ΜΕΛΗ ΤΟΥ ΠΛΗΡΩΜΑΤΟΣ ΕΥΡΟΝ ΟΙΚΤΡΟΝ ΘΑΝΑΤΟΝ

ΚΟΡΟΝΑΝΤΟ, Καλιφόρνια, 28. ('Ασ. Πρές) Νορβηγικὸν φορτηγὸν σκάφος προσέκρουσεν εἰς τὴν ἀκτὴν τοῦ Κορονάντο καὶ ἐν συνεχείᾳ ἐξερράγη πυρκαγιὰ εἰς τὰ ἀμπάρια του.

Δέκα μέλη τοῦ πληρώματος εὗρον οἰκτρὸν θάνατον, ἐνῷ ἄλλοι διεσώθησαν ὑπὸ τῶν σωστικῶν συνεργείων.

ΝΕΑ ΕΠΕΙΣΟΔΙΑ ΕΙΣ ΤΗΝ ΜΕΘΟΡΙΟΝ ΙΟΡΔΑΝΙΑΣ - ΙΣΡΑΗΛ

ΤΕΛ ΑΒΙΒ, 28. ('Ασ. Πρές) Νέα ἐπεισόδια ἐσημειώθησαν εἰς τὴν μεθόριον Ἰορδανίας - Ἰσραήλ. Ἀνεφέρθησαν τραυματισμοί.

Ο Κ. ΚΡΟΥΣΤΣΕΦ ΕΠΕΣΚΕΦΘΗ ΑΓΓΛΙΚΗΝ ΕΚΘΕΣΙΝ

ΜΟΣΧΑ, 28. ('Ασ. Πρές) Ὁ κ. Κρούστσεφ ἐπεσκέφθη τὴν ἀγγλικὴν ἔκθεσιν καὶ ἐξέφρασε θαυμασμὸν διὰ τὰ ἐκθέματα.

ΤΑ ΠΡΟΓΡΑΜΜΑΤΑ ΓΕΩΡΓΙΚΗΣ ΑΝΑΠΤΥΞΕΩΣ ΤΗΣ ΓΑΛΛΙΑΣ ΘΑ ΜΕΛΕΤΗΘΟΥΝ ΚΑΙ ΑΠΟ ΕΛΛΗΝΙΚΗΣ ΠΛΕΥΡΑΣ ΕΔΗΛΩΣΕΝ Ο ΕΠΙΣΤΡΕΨΑΣ ΕΚ ΠΑΡΙΣΙΩΝ Κ. ΜΑΛΛΙΑΚΑΣ

ΑΘΗΝΑΙ, 28.— Ὁ ὑπουργὸς Γεωργίας κ. Μαλλιάκας ἐπιστρέψας ἐκ Παρισίων ἐδήλωσεν ὅτι τὰ προγράμματα γεωργικῆς ἀναπτύξεως τῆς Γαλλίας θὰ μελετηθοῦν καὶ ἀπὸ ἑλληνικῆς πλευρᾶς.

Ὁ ὑπουργὸς προσέθεσεν ὅτι ἡ συνεργασία τῶν δύο χωρῶν εἰς τὸν γεωργικὸν τομέα θὰ ἐνισχυθῇ.

Ο Κ. ΟΥΛΜΠΡΙΧΤ ΖΗΤΕΙ ΔΙΑΠΡΑΓΜΑΤΕΥΣΕΙΣ ΜΕ ΤΗΝ ΚΥΒΕΡΝΗΣΙΝ ΤΗΣ ΒΟΝΝΗΣ ΠΡΟΣ ΣΥΝΕΡΓΑΣΙΑΝ ΤΩΝ ΔΥΟ ΓΕΡΜΑΝΙΩΝ

ΒΕΡΟΛΙΝΟΝ, 28. ('Ασ. Πρές) Ὁ κ. Οὐλμπριχτ ἐζήτησε διαπραγματεύσεις μὲ τὴν κυβέρνησιν τῆς Βόννης διὰ τὴν συνεργασίαν τῶν δύο Γερμανιῶν εἰς οἰκονομικὰ καὶ πολιτιστικὰ θέματα.

Ἡ Βόννη δὲν ἀπήντησεν εἰσέτι.

Η ΑΓΓΛΙΑ ΑΥΞΑΝΕΙ ΤΑΣ ΕΠΕΝΔΥΣΕΙΣ ΕΙΣ ΝΙΓΗΡΙΑΝ

ΛΑΓΟΣ, 28. ('Ασ. Πρές) Ἡ Ἀγγλία αὐξάνει τὰς ἐπενδύσεις της εἰς τὴν Νιγηρίαν κατόπιν νέας συμφωνίας.

ΕΛΑΦΡΟΣ ΣΕΙΣΜΟΣ ΕΙΣ ΤΟΝ ΝΕΟΝ ΔΕΛΧΙ

ΝΕΟΝ ΔΕΛΧΙ, 28. ('Ασ. Πρές) Ἐλαφρὸς σεισμὸς ἐσημειώθη εἰς τὸ Νέον Δελχί. Δὲν ὑπῆρξαν ζημίαι.

ΣΥΝΤΟΜΩΣ ΘΑ ΕΞΑΛΕΙΦΘΗ ΠΑΣΑ ΕΧΘΡΟΤΗΣ ΜΕΤΑΞΥ ΙΡΛΑΝΔΙΑΣ ΚΑΙ ΜΕΓ. ΒΡΕΤΑΝΝΙΑΣ ΕΔΗΛΩΣΕΝ Ο Κ. ΒΑΛΕΡΑ ΕΙΣ ΤΟ ΚΟΓΚΡΕΣΣΟΝ

ΟΥΑΣΙΓΚΤΩΝ, 28. ('Ασ. Πρές) Ὁ Πρόεδρος τῆς Ἰρλανδίας κ. ντὲ Βαλέρα, ὁμιλῶν εἰς τὸ Κογκρέσσον, ἐδήλωσεν ὅτι συντόμως θὰ ἐξαλειφθῇ πᾶσα ἐχθρότης μεταξὺ Ἰρλανδίας καὶ Μεγάλης Βρεταννίας.

Ἡ ὁμιλία του ἐχειροκροτήθη ὑπὸ τῶν μελῶν τοῦ Κογκρέσσου.

ΕΝΤΡΕ ΜΑΡΤΟΝ
ΚΑΤΕΤΕΘΗ ΠΡΟΣ ΕΓΚΡΙΣΙΝ ΥΠΟ ΤΗΣ ΓΕΡΟΥΣΙΑΣ ΝΟΜΟΣΧΕΔΙΟΝ ΠΕΡΙ ΠΛΗΡΩΣΕΩΣ ΤΗΣ ΘΕΣΕΩΣ ΤΟΥ ΑΜΕΡΙΚΑΝΟΥ ΑΝΤΙΠΡΟΕΔΡΟΥ

ΟΥΑΣΙΓΚΤΩΝ, 28. ('Ασ. Πρές) Κατετέθη εἰς τὴν Γερουσίαν νομοσχέδιον περὶ πληρώσεως τῆς θέσεως τοῦ Ἀντιπροέδρου τῶν Ἡνωμένων Πολιτειῶν ἐν περιπτώσει κενώσεως αὐτῆς.

Τὸ νομοσχέδιον προβλέπει τὴν ἐκλογὴν ὑπὸ τοῦ Κογκρέσσου.

ΙΡΑΚΙΝΗ ΣΤΡΑΤΙΩΤΙΚΗ ΑΝΤΙΠΡΟΣΩΠΕΙΑ ΕΙΣ ΤΗΝ ΜΟΣΧΑΝ

ΒΑΓΔΑΤΗ, 28. ('Ασ. Πρές) Ἰρακινὴ στρατιωτικὴ ἀντιπροσωπεία ἀνεχώρησε διὰ Μόσχαν διὰ συνομιλίας.

Η ΒΡΑΖΙΛΙΑ ΑΝΑΦΕΡΕΙ ΤΑΣ ΣΥΜΦΩΝΙΑΣ ΜΕ ΧΩΡΑΣ ΤΟΥ ΜΠΛΟΚ

ΚΡΑΣΙΛΙΑ, 28. ('Ασ. Πρές) Ἡ Βραζιλία ἀνεθεώρησε τὰς συμφωνίας της μὲ χώρας τοῦ ἀνατολικοῦ μπλόκ.

ΜΟΝΟΝ ΕΚ ΤΟΥ ΣΧΟΛΙΚΟΥ ΚΤΙΡΙΟΥ ΤΟΥ ΤΕΞΑΣ ΗΤΟ ΔΥΝΑΤΟΝ ΝΑ ΒΛΗΘΗ Ο ΚΕΝΝΕΝΤΥ ΔΙΕΠΙΣΤΩΘΗ ΕΙΣ ΝΕΑΝ ΑΝΑΠΑΡΑΣΤΑΣΙΝ

ΝΤΑΛΛΑΣ, 28. ('Ασ. Πρές) Κατὰ τὴν νέαν ἀναπαράστασιν τῆς δολοφονίας τοῦ Προέδρου Κέννεντυ διεπιστώθη ὅτι μόνον ἐκ τοῦ σχολικοῦ κτιρίου ἦτο δυνατὸν νὰ βληθῇ ὁ Πρόεδρος.

Ἡ ἐπιτροπὴ Γουώρεν συνεχίζει τὰς ἐρεύνας της.

Η ΤΖΑΚΥ ΘΑ ΠΑΡΑΚΟΛΟΥΘΗΣΗ ΘΕΙΑΝ ΛΕΙΤΟΥΡΓΙΑΝ ΕΠΙ ΤΗ ΕΠΕΤΕΙΩ ΤΩΝ ΓΕΝΕΘΛΙΩΝ ΤΟΥ ΤΖΩΝ ΚΕΝΝΕΝΤΥ

ΟΥΑΣΙΓΚΤΩΝ, 28. ('Ασ. Πρές) Ἡ κ. Τζάκυ Κέννεντυ θὰ παρακολουθήσῃ θείαν λειτουργίαν ἐπὶ τῇ ἐπετείῳ τῶν γενεθλίων τοῦ ἀειμνήστου Προέδρου.

Ἡ λειτουργία θὰ τελεσθῇ εἰς τὸν καθεδρικὸν ναὸν τῆς Οὐάσιγκτων.

ΕΙΣ 31 ΑΝΗΛΘΟΝ ΟΙ ΝΕΚΡΟΙ ΣΤΡΑΤΙΩΤΙΚΟΙ ΤΗΣ ΜΕΓΑΛΗΣ ΑΣΚΗΣΕΩΣ ΝΤΙΖΕΡΤ ΕΤΡΑΙΤ

ΜΠΑΡΣΤΟΟΥ, Καλιφόρνια, 28. ('Ασ. Πρές) Εἰς 31 ἀνῆλθον οἱ νεκροὶ στρατιωτικοὶ κατὰ τὴν μεγάλην ἄσκησιν «Ντίζερτ Στράϊκ» εἰς τὴν ἔρημον τῆς Καλιφορνίας.

Οἱ περισσότεροι ἐφονεύθησαν εἰς ἀτυχήματα ὀχημάτων καὶ ἀεροσκαφῶν.

Ἡ ἄσκησις συνεχίζεται μὲ τὴν συμμετοχὴν 100.000 ἀνδρῶν.
